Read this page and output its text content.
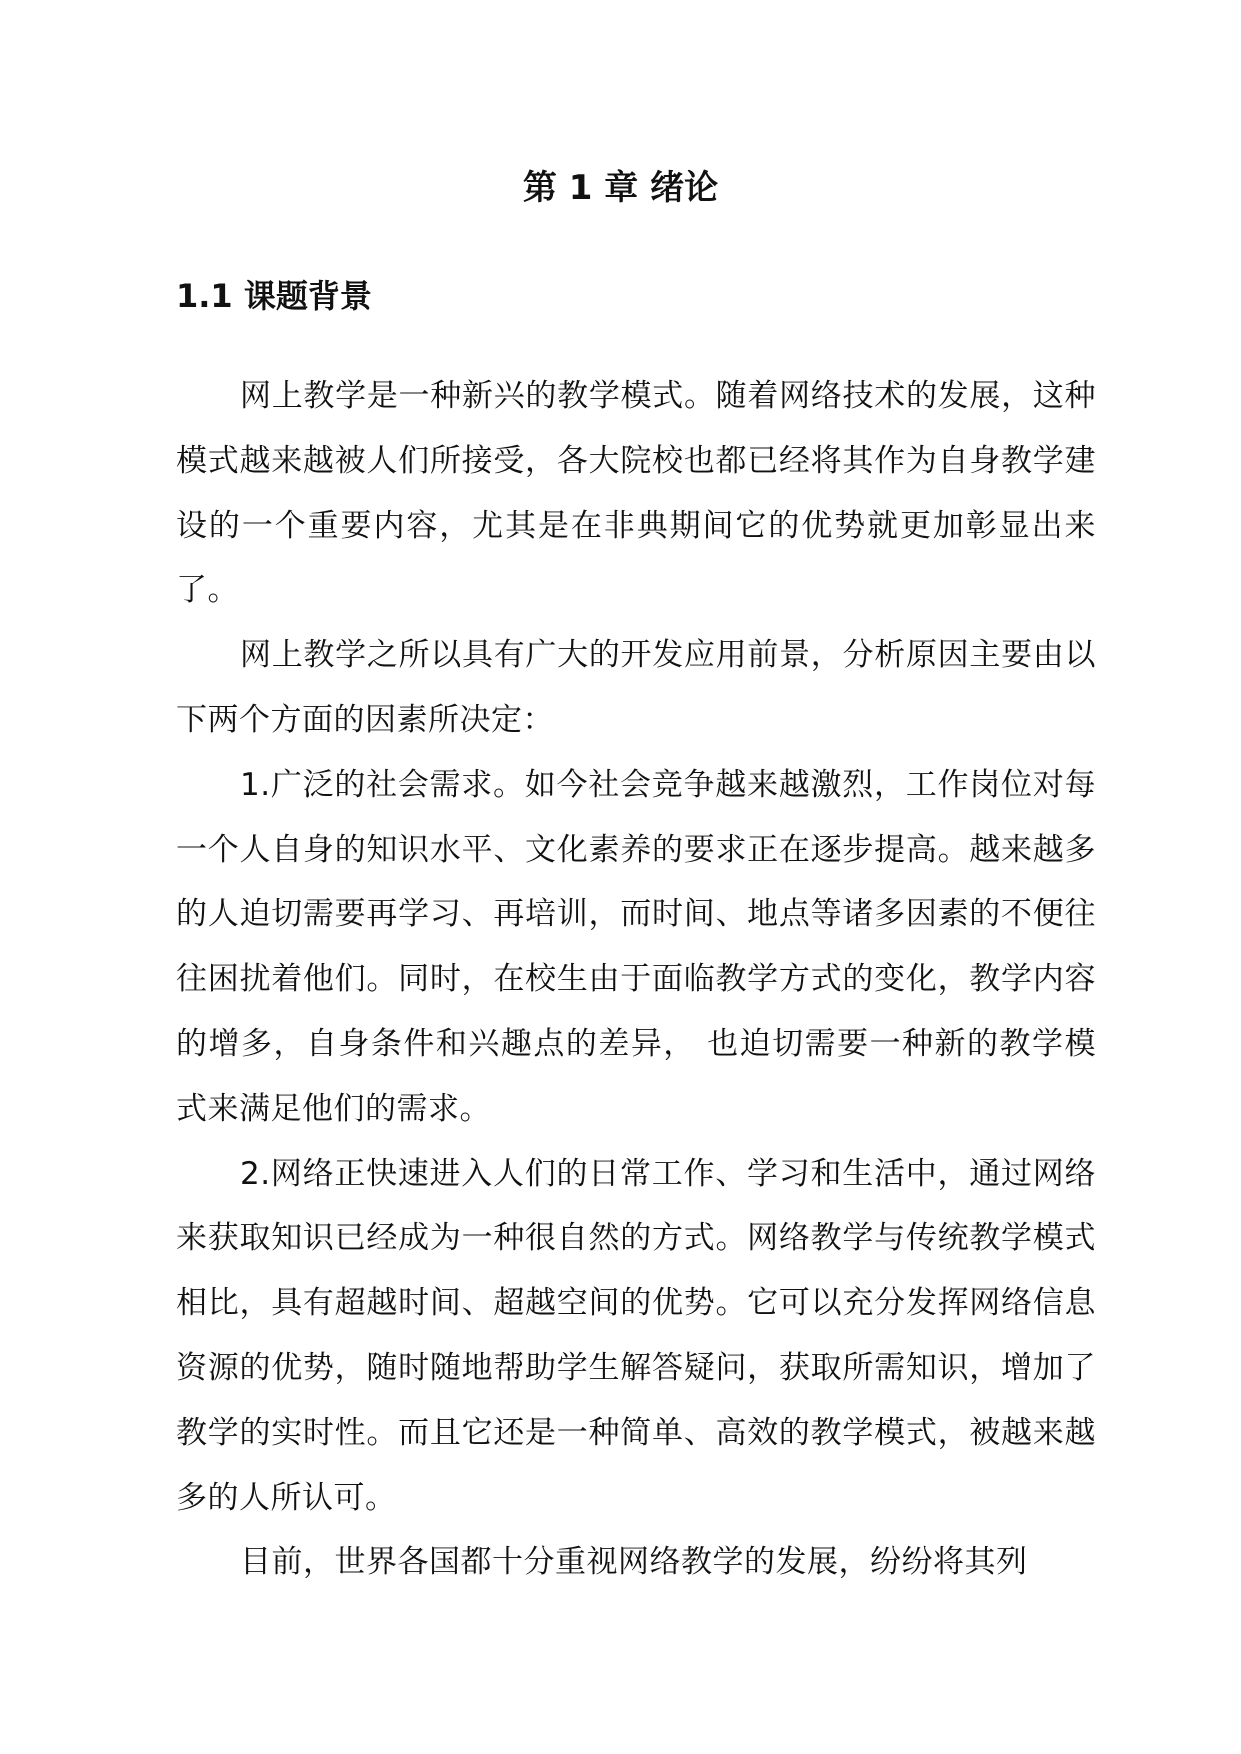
第 1 章 绪论
1.1 课题背景

网上教学是一种新兴的教学模式。随着网络技术的发展，这种模式越来越被人们所接受，各大院校也都已经将其作为自身教学建设的一个重要内容，尤其是在非典期间它的优势就更加彰显出来了。

网上教学之所以具有广大的开发应用前景，分析原因主要由以下两个方面的因素所决定：

1.广泛的社会需求。如今社会竞争越来越激烈，工作岗位对每一个人自身的知识水平、文化素养的要求正在逐步提高。越来越多的人迫切需要再学习、再培训，而时间、地点等诸多因素的不便往往困扰着他们。同时，在校生由于面临教学方式的变化，教学内容的增多，自身条件和兴趣点的差异， 也迫切需要一种新的教学模式来满足他们的需求。

2.网络正快速进入人们的日常工作、学习和生活中，通过网络来获取知识已经成为一种很自然的方式。网络教学与传统教学模式相比，具有超越时间、超越空间的优势。它可以充分发挥网络信息资源的优势，随时随地帮助学生解答疑问，获取所需知识，增加了教学的实时性。而且它还是一种简单、高效的教学模式，被越来越多的人所认可。

目前，世界各国都十分重视网络教学的发展，纷纷将其列
